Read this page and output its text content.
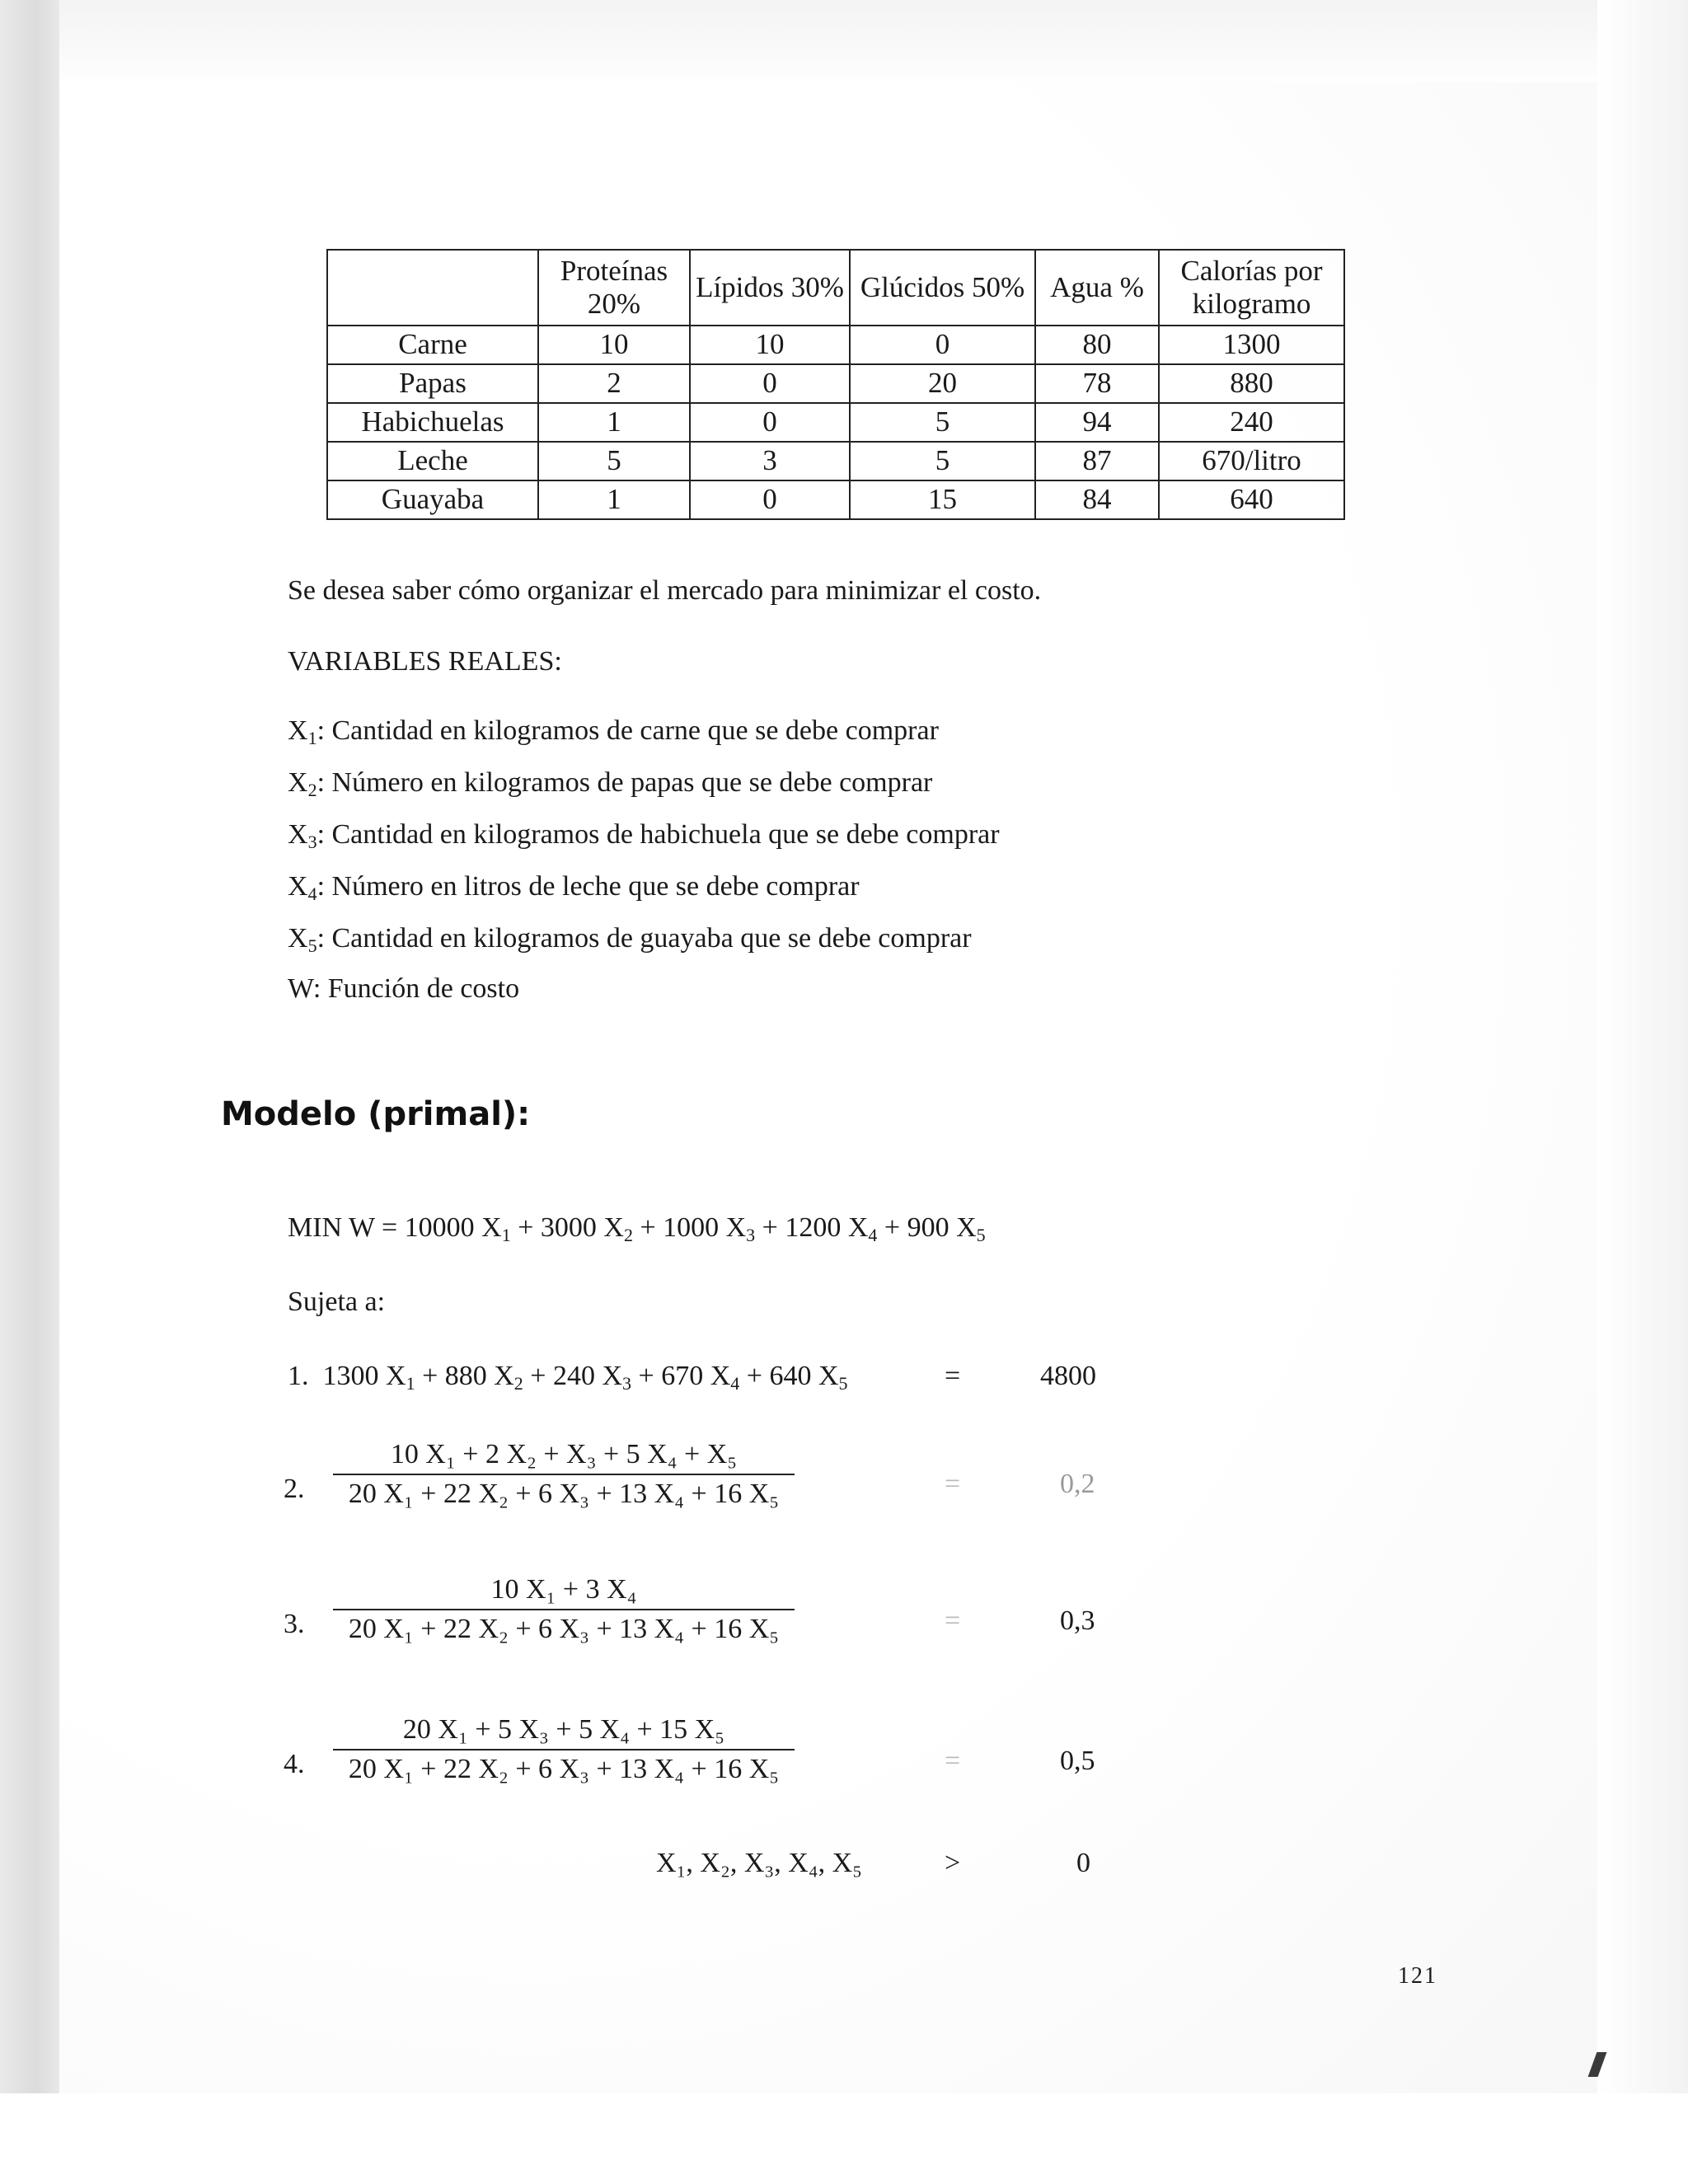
	Proteínas 20%	Lípidos 30%	Glúcidos 50%	Agua %	Calorías por kilogramo
Carne	10	10	0	80	1300
Papas	2	0	20	78	880
Habichuelas	1	0	5	94	240
Leche	5	3	5	87	670/litro
Guayaba	1	0	15	84	640
Se desea saber cómo organizar el mercado para minimizar el costo.
VARIABLES REALES:
$X_1$: Cantidad en kilogramos de carne que se debe comprar
$X_2$: Número en kilogramos de papas que se debe comprar
$X_3$: Cantidad en kilogramos de habichuela que se debe comprar
$X_4$: Número en litros de leche que se debe comprar
$X_5$: Cantidad en kilogramos de guayaba que se debe comprar
W: Función de costo
Modelo (primal):
MIN W = 10000 $X_1 + 3000$ $X_2 + 1000$ $X_3 + 1200$ $X_4 + 900$ $X_5$
Sujeta a:
1. 1300 $X_1 + 880$ $X_2 + 240$ $X_3 + 670$ $X_4 + 640$ $X_5$	=	4800
2.
10 X₁ + 2 X₂ + X₃ + 5 X₄ + X₅
20 X₁ + 22 X₂ + 6 X₃ + 13 X₄ + 16 X₅	=	0,2
3.
10 X₁ + 3 X₄
20 X₁ + 22 X₂ + 6 X₃ + 13 X₄ + 16 X₅	=	0,3
4.
20 X₁ + 5 X₃ + 5 X₄ + 15 X₅
20 X₁ + 22 X₂ + 6 X₃ + 13 X₄ + 16 X₅	=	0,5
X₁, X₂, X₃, X₄, X₅	>	0
121
